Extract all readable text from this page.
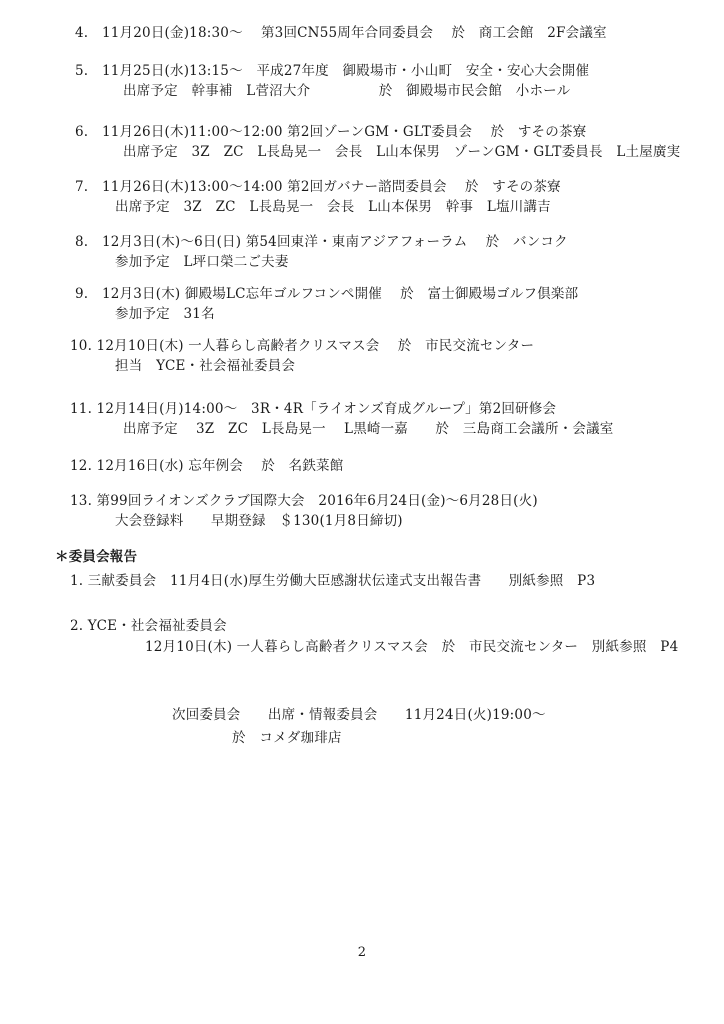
4.　11月20日(金)18:30～　 第3回CN55周年合同委員会　 於　商工会館　2F会議室
5.　11月25日(水)13:15～　平成27年度　御殿場市・小山町　安全・安心大会開催
出席予定　幹事補　L菅沼大介　　　　　於　御殿場市民会館　小ホール
6.　11月26日(木)11:00～12:00 第2回ゾーンGM・GLT委員会　 於　すその茶寮
出席予定　3Z　ZC　L長島晃一　会長　L山本保男　ゾーンGM・GLT委員長　L土屋廣実
7.　11月26日(木)13:00～14:00 第2回ガバナー諮問委員会　 於　すその茶寮
出席予定　3Z　ZC　L長島晃一　会長　L山本保男　幹事　L塩川講吉
8.　12月3日(木)～6日(日) 第54回東洋・東南アジアフォーラム　 於　バンコク
参加予定　L坪口榮二ご夫妻
9.　12月3日(木) 御殿場LC忘年ゴルフコンペ開催　 於　富士御殿場ゴルフ倶楽部
参加予定　31名
10. 12月10日(木) 一人暮らし高齢者クリスマス会　 於　市民交流センター
担当　YCE・社会福祉委員会
11. 12月14日(月)14:00～　3R・4R「ライオンズ育成グループ」第2回研修会
出席予定　 3Z　ZC　L長島晃一　 L黒崎一嘉　　於　三島商工会議所・会議室
12. 12月16日(水) 忘年例会　 於　名鉄菜館
13. 第99回ライオンズクラブ国際大会　2016年6月24日(金)～6月28日(火)
大会登録料　　早期登録　＄130(1月8日締切)
＊委員会報告
1. 三献委員会　11月4日(水)厚生労働大臣感謝状伝達式支出報告書　　別紙参照　P3
2. YCE・社会福祉委員会
12月10日(木) 一人暮らし高齢者クリスマス会　於　市民交流センター　別紙参照　P4
次回委員会　　出席・情報委員会　　11月24日(火)19:00～
於　コメダ珈琲店
2
